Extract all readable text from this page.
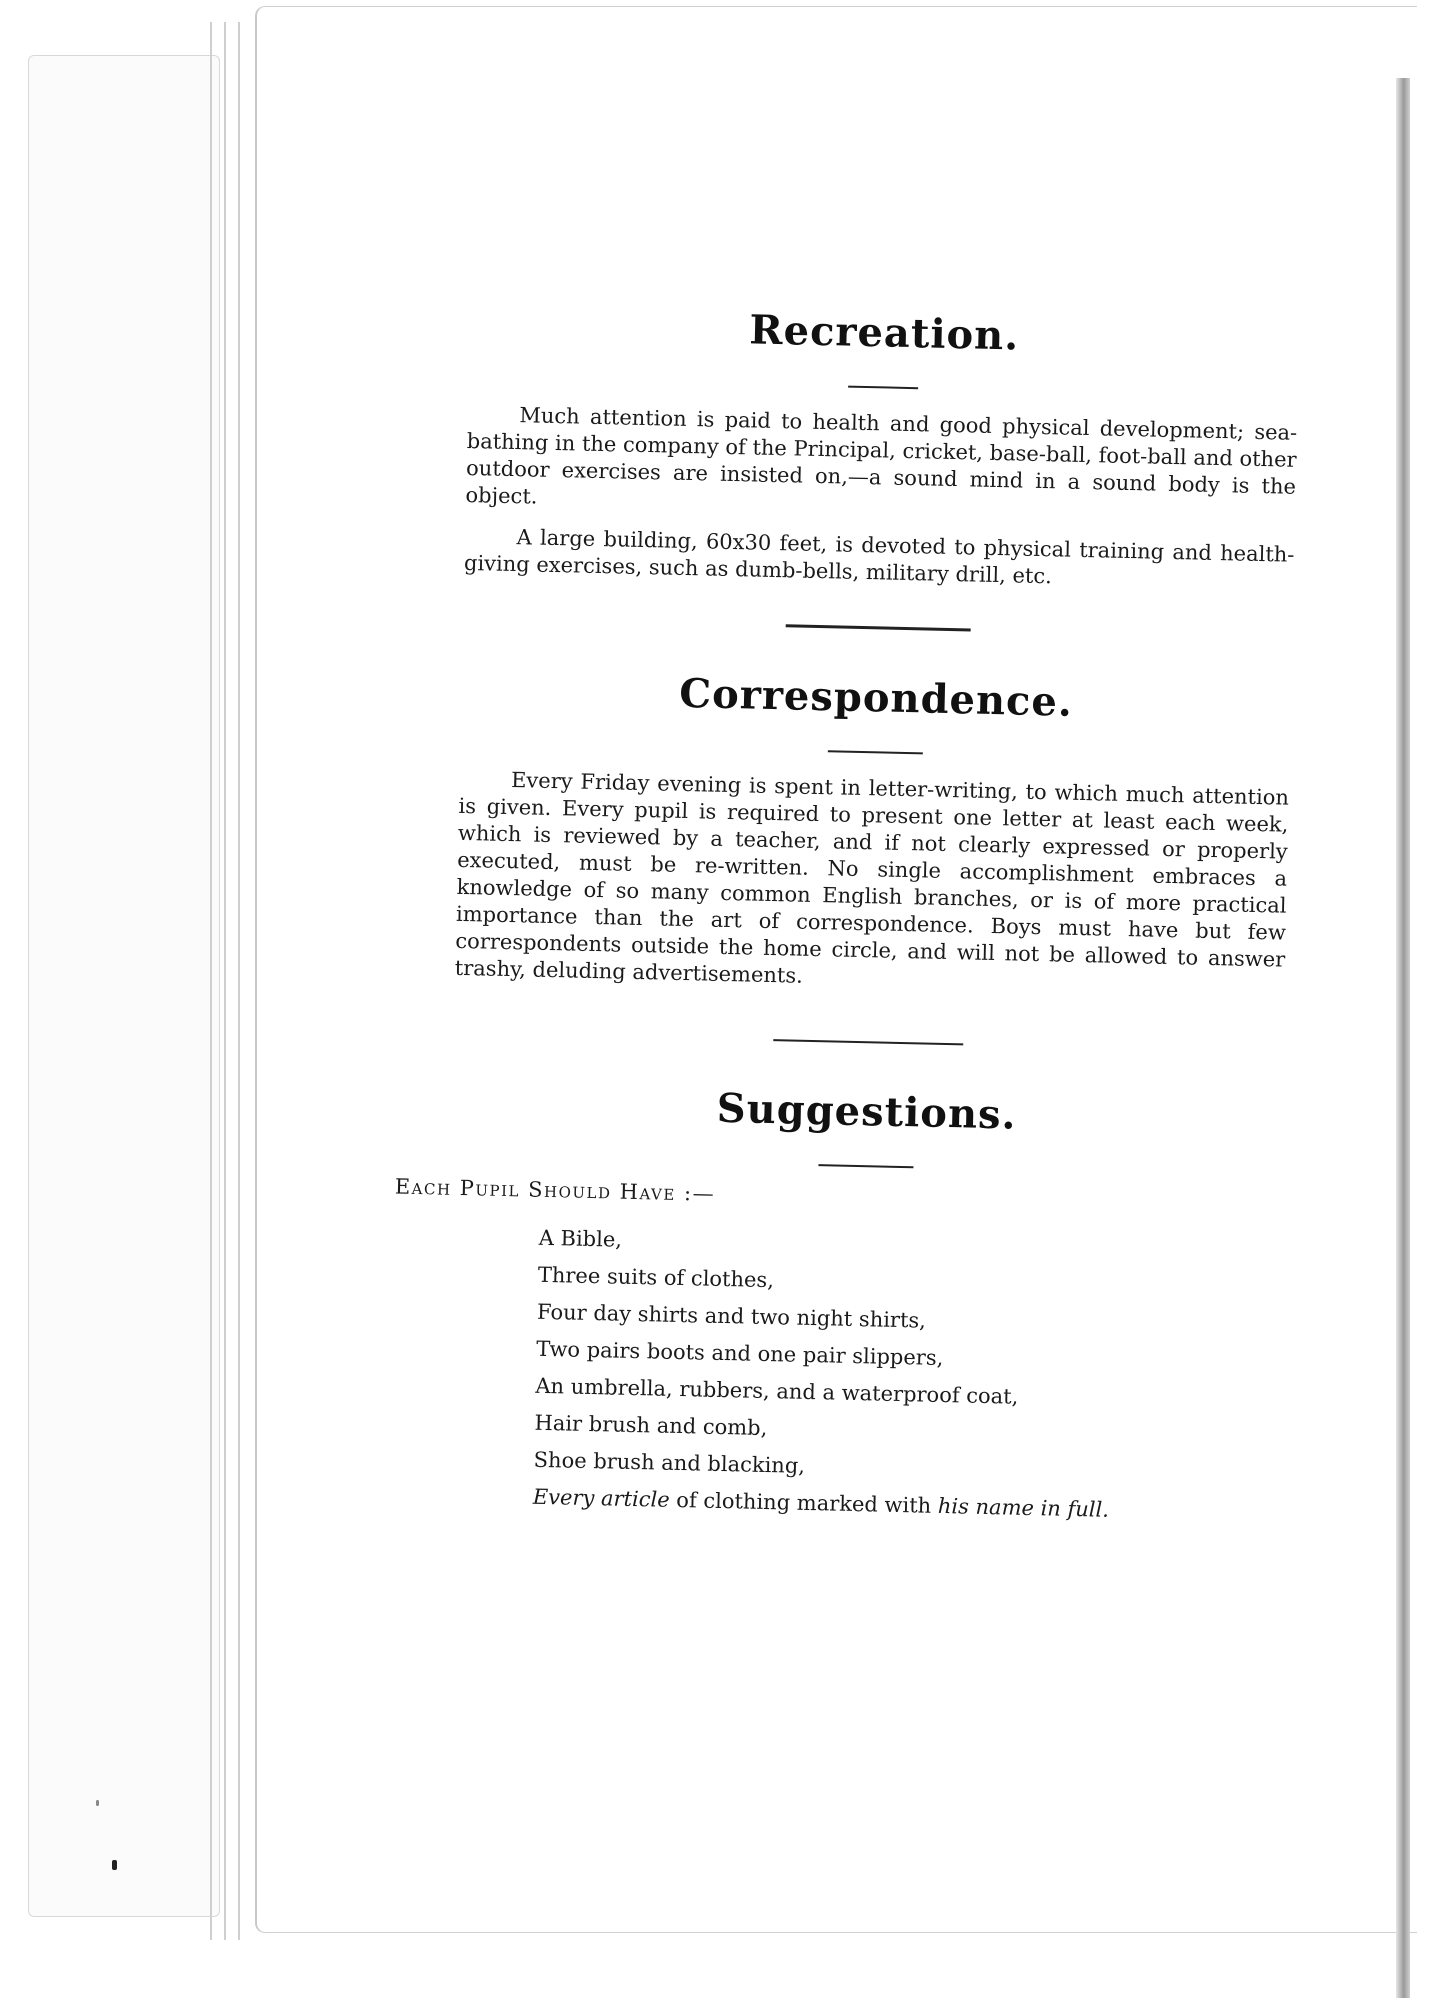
Recreation.

Much attention is paid to health and good physical development; sea-bathing in the company of the Principal, cricket, base-ball, foot-ball and other outdoor exercises are insisted on,—a sound mind in a sound body is the object.

A large building, 60x30 feet, is devoted to physical training and health-giving exercises, such as dumb-bells, military drill, etc.

Correspondence.

Every Friday evening is spent in letter-writing, to which much attention is given. Every pupil is required to present one letter at least each week, which is reviewed by a teacher, and if not clearly expressed or properly executed, must be re-written. No single accomplishment embraces a knowledge of so many common English branches, or is of more practical importance than the art of correspondence. Boys must have but few correspondents outside the home circle, and will not be allowed to answer trashy, deluding advertisements.

Suggestions.

Each Pupil Should Have :—

A Bible,
Three suits of clothes,
Four day shirts and two night shirts,
Two pairs boots and one pair slippers,
An umbrella, rubbers, and a waterproof coat,
Hair brush and comb,
Shoe brush and blacking,
Every article of clothing marked with his name in full.
